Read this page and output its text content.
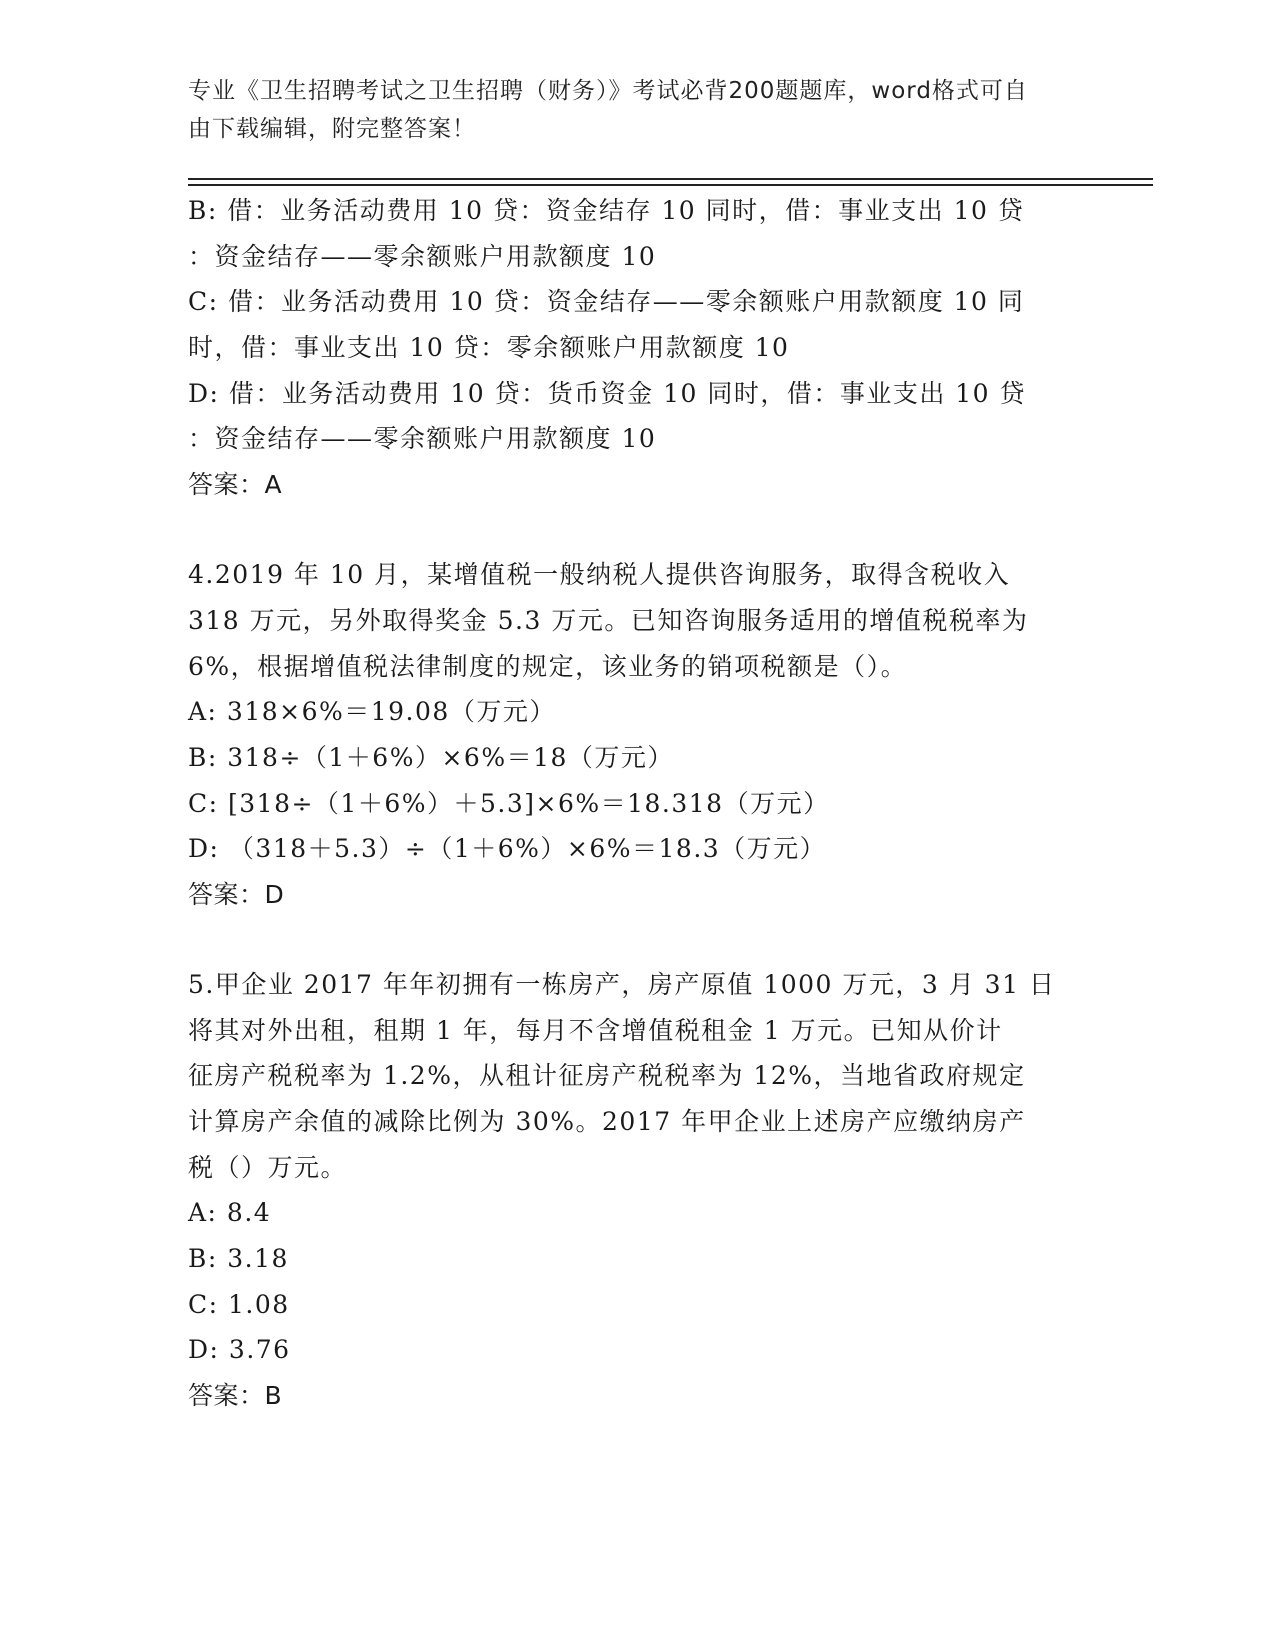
专业《卫生招聘考试之卫生招聘（财务）》考试必背200题题库，word格式可自
由下载编辑，附完整答案！
B: 借：业务活动费用 10 贷：资金结存 10 同时，借：事业支出 10 贷
：资金结存——零余额账户用款额度 10
C: 借：业务活动费用 10 贷：资金结存——零余额账户用款额度 10 同
时，借：事业支出 10 贷：零余额账户用款额度 10
D: 借：业务活动费用 10 贷：货币资金 10 同时，借：事业支出 10 贷
：资金结存——零余额账户用款额度 10
答案：A
4.2019 年 10 月，某增值税一般纳税人提供咨询服务，取得含税收入
318 万元，另外取得奖金 5.3 万元。已知咨询服务适用的增值税税率为
6%，根据增值税法律制度的规定，该业务的销项税额是（）。
A: 318×6%＝19.08（万元）
B: 318÷（1＋6%）×6%＝18（万元）
C: [318÷（1＋6%）＋5.3]×6%＝18.318（万元）
D: （318＋5.3）÷（1＋6%）×6%＝18.3（万元）
答案：D
5.甲企业 2017 年年初拥有一栋房产，房产原值 1000 万元，3 月 31 日
将其对外出租，租期 1 年，每月不含增值税租金 1 万元。已知从价计
征房产税税率为 1.2%，从租计征房产税税率为 12%，当地省政府规定
计算房产余值的减除比例为 30%。2017 年甲企业上述房产应缴纳房产
税（）万元。
A: 8.4
B: 3.18
C: 1.08
D: 3.76
答案：B
